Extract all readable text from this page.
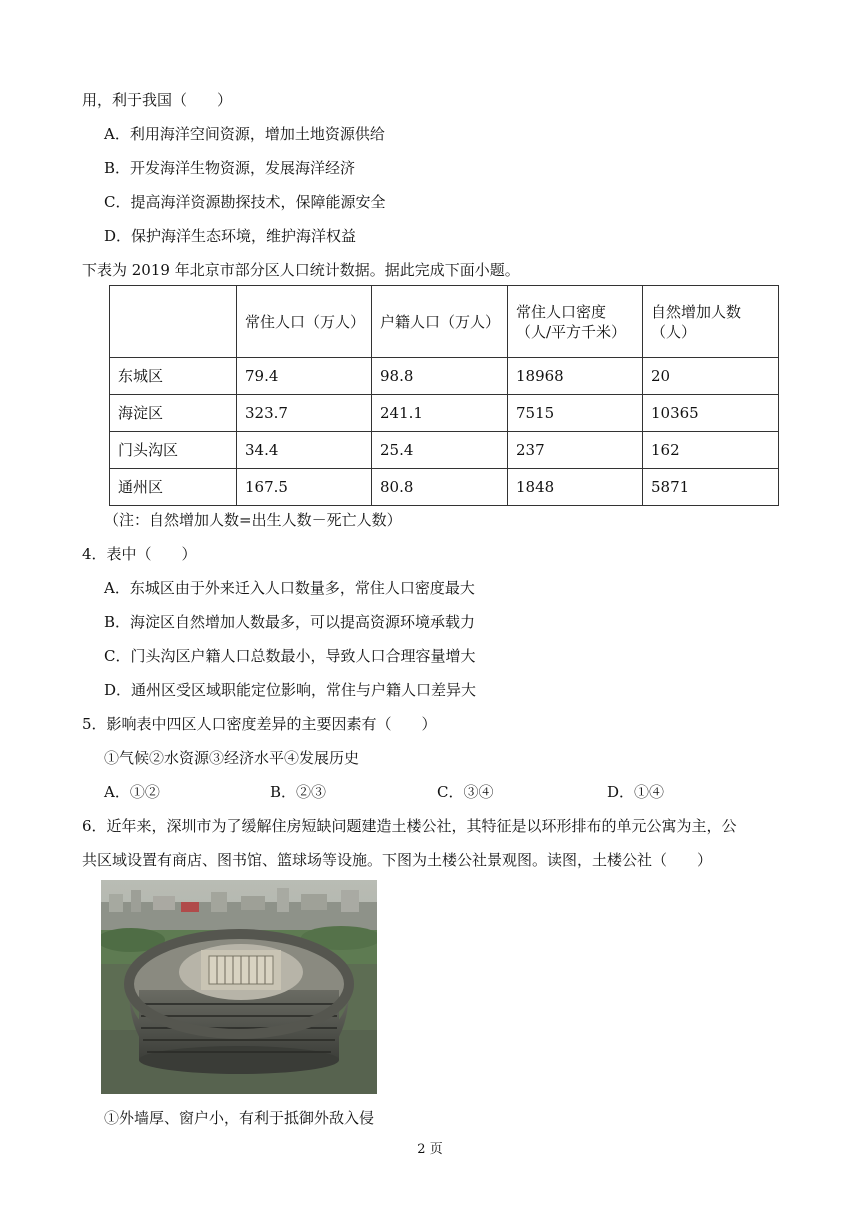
用，利于我国（　　）
A．利用海洋空间资源，增加土地资源供给
B．开发海洋生物资源，发展海洋经济
C．提高海洋资源勘探技术，保障能源安全
D．保护海洋生态环境，维护海洋权益
下表为 2019 年北京市部分区人口统计数据。据此完成下面小题。
	常住人口（万人）	户籍人口（万人）	常住人口密度（人/平方千米）	自然增加人数（人）
东城区	79.4	98.8	18968	20
海淀区	323.7	241.1	7515	10365
门头沟区	34.4	25.4	237	162
通州区	167.5	80.8	1848	5871
（注：自然增加人数=出生人数－死亡人数）
4．表中（　　）
A．东城区由于外来迁入人口数量多，常住人口密度最大
B．海淀区自然增加人数最多，可以提高资源环境承载力
C．门头沟区户籍人口总数最小，导致人口合理容量增大
D．通州区受区域职能定位影响，常住与户籍人口差异大
5．影响表中四区人口密度差异的主要因素有（　　）
①气候②水资源③经济水平④发展历史
A．①②	B．②③	C．③④	D．①④
6．近年来，深圳市为了缓解住房短缺问题建造土楼公社，其特征是以环形排布的单元公寓为主，公
共区域设置有商店、图书馆、篮球场等设施。下图为土楼公社景观图。读图，土楼公社（　　）
①外墙厚、窗户小，有利于抵御外敌入侵
2 页
